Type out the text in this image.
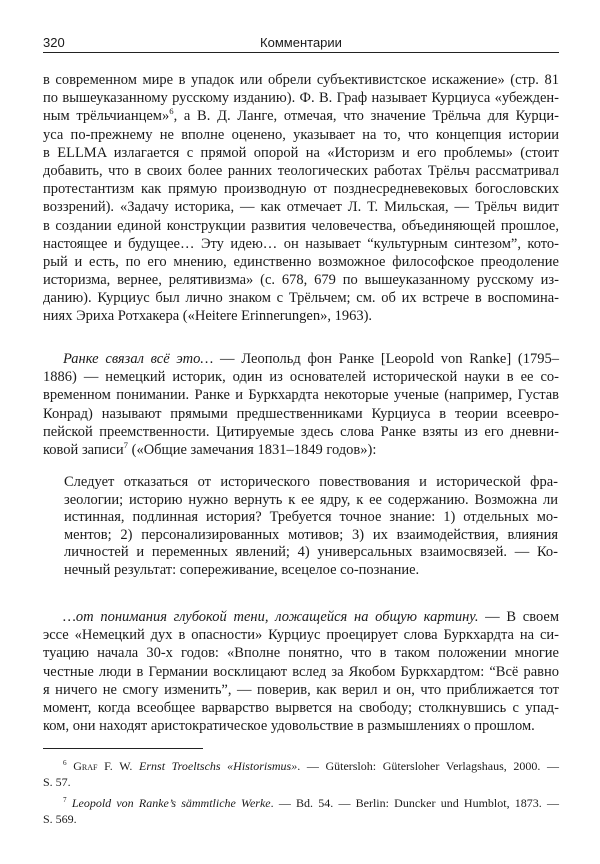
320	Комментарии
в современном мире в упадок или обрели субъективистское искажение» (стр. 81
по вышеуказанному русскому изданию). Ф. В. Граф называет Курциуса «убежден-
ным трёльчианцем»$^6$, а В. Д. Ланге, отмечая, что значение Трёльча для Курци-
уса по-прежнему не вполне оценено, указывает на то, что концепция истории
в ELLMA излагается с прямой опорой на «Историзм и его проблемы» (стоит
добавить, что в своих более ранних теологических работах Трёльч рассматривал
протестантизм как прямую производную от позднесредневековых богословских
воззрений). «Задачу историка, — как отмечает Л. Т. Мильская, — Трёльч видит
в создании единой конструкции развития человечества, объединяющей прошлое,
настоящее и будущее… Эту идею… он называет “культурным синтезом”, кото-
рый и есть, по его мнению, единственно возможное философское преодоление
историзма, вернее, релятивизма» (с. 678, 679 по вышеуказанному русскому из-
данию). Курциус был лично знаком с Трёльчем; см. об их встрече в воспомина-
ниях Эриха Ротхакера («Heitere Erinnerungen», 1963).
Ранке связал всё это… — Леопольд фон Ранке [Leopold von Ranke] (1795–
1886) — немецкий историк, один из основателей исторической науки в ее со-
временном понимании. Ранке и Буркхардта некоторые ученые (например, Густав
Конрад) называют прямыми предшественниками Курциуса в теории всеевро-
пейской преемственности. Цитируемые здесь слова Ранке взяты из его дневни-
ковой записи$^7$ («Общие замечания 1831–1849 годов»):
Следует отказаться от исторического повествования и исторической фра-
зеологии; историю нужно вернуть к ее ядру, к ее содержанию. Возможна ли
истинная, подлинная история? Требуется точное знание: 1) отдельных мо-
ментов; 2) персонализированных мотивов; 3) их взаимодействия, влияния
личностей и переменных явлений; 4) универсальных взаимосвязей. — Ко-
нечный результат: сопереживание, всецелое со-познание.
…от понимания глубокой тени, ложащейся на общую картину. — В своем
эссе «Немецкий дух в опасности» Курциус проецирует слова Буркхардта на си-
туацию начала 30-х годов: «Вполне понятно, что в таком положении многие
честные люди в Германии восклицают вслед за Якобом Буркхардтом: “Всё равно
я ничего не смогу изменить”, — поверив, как верил и он, что приближается тот
момент, когда всеобщее варварство вырвется на свободу; столкнувшись с упад-
ком, они находят аристократическое удовольствие в размышлениях о прошлом.
$^6$ Graf F. W. Ernst Troeltschs «Historismus». — Gütersloh: Gütersloher Verlagshaus, 2000. —
S. 57.
$^7$ Leopold von Ranke’s sämmtliche Werke. — Bd. 54. — Berlin: Duncker und Humblot, 1873. —
S. 569.
